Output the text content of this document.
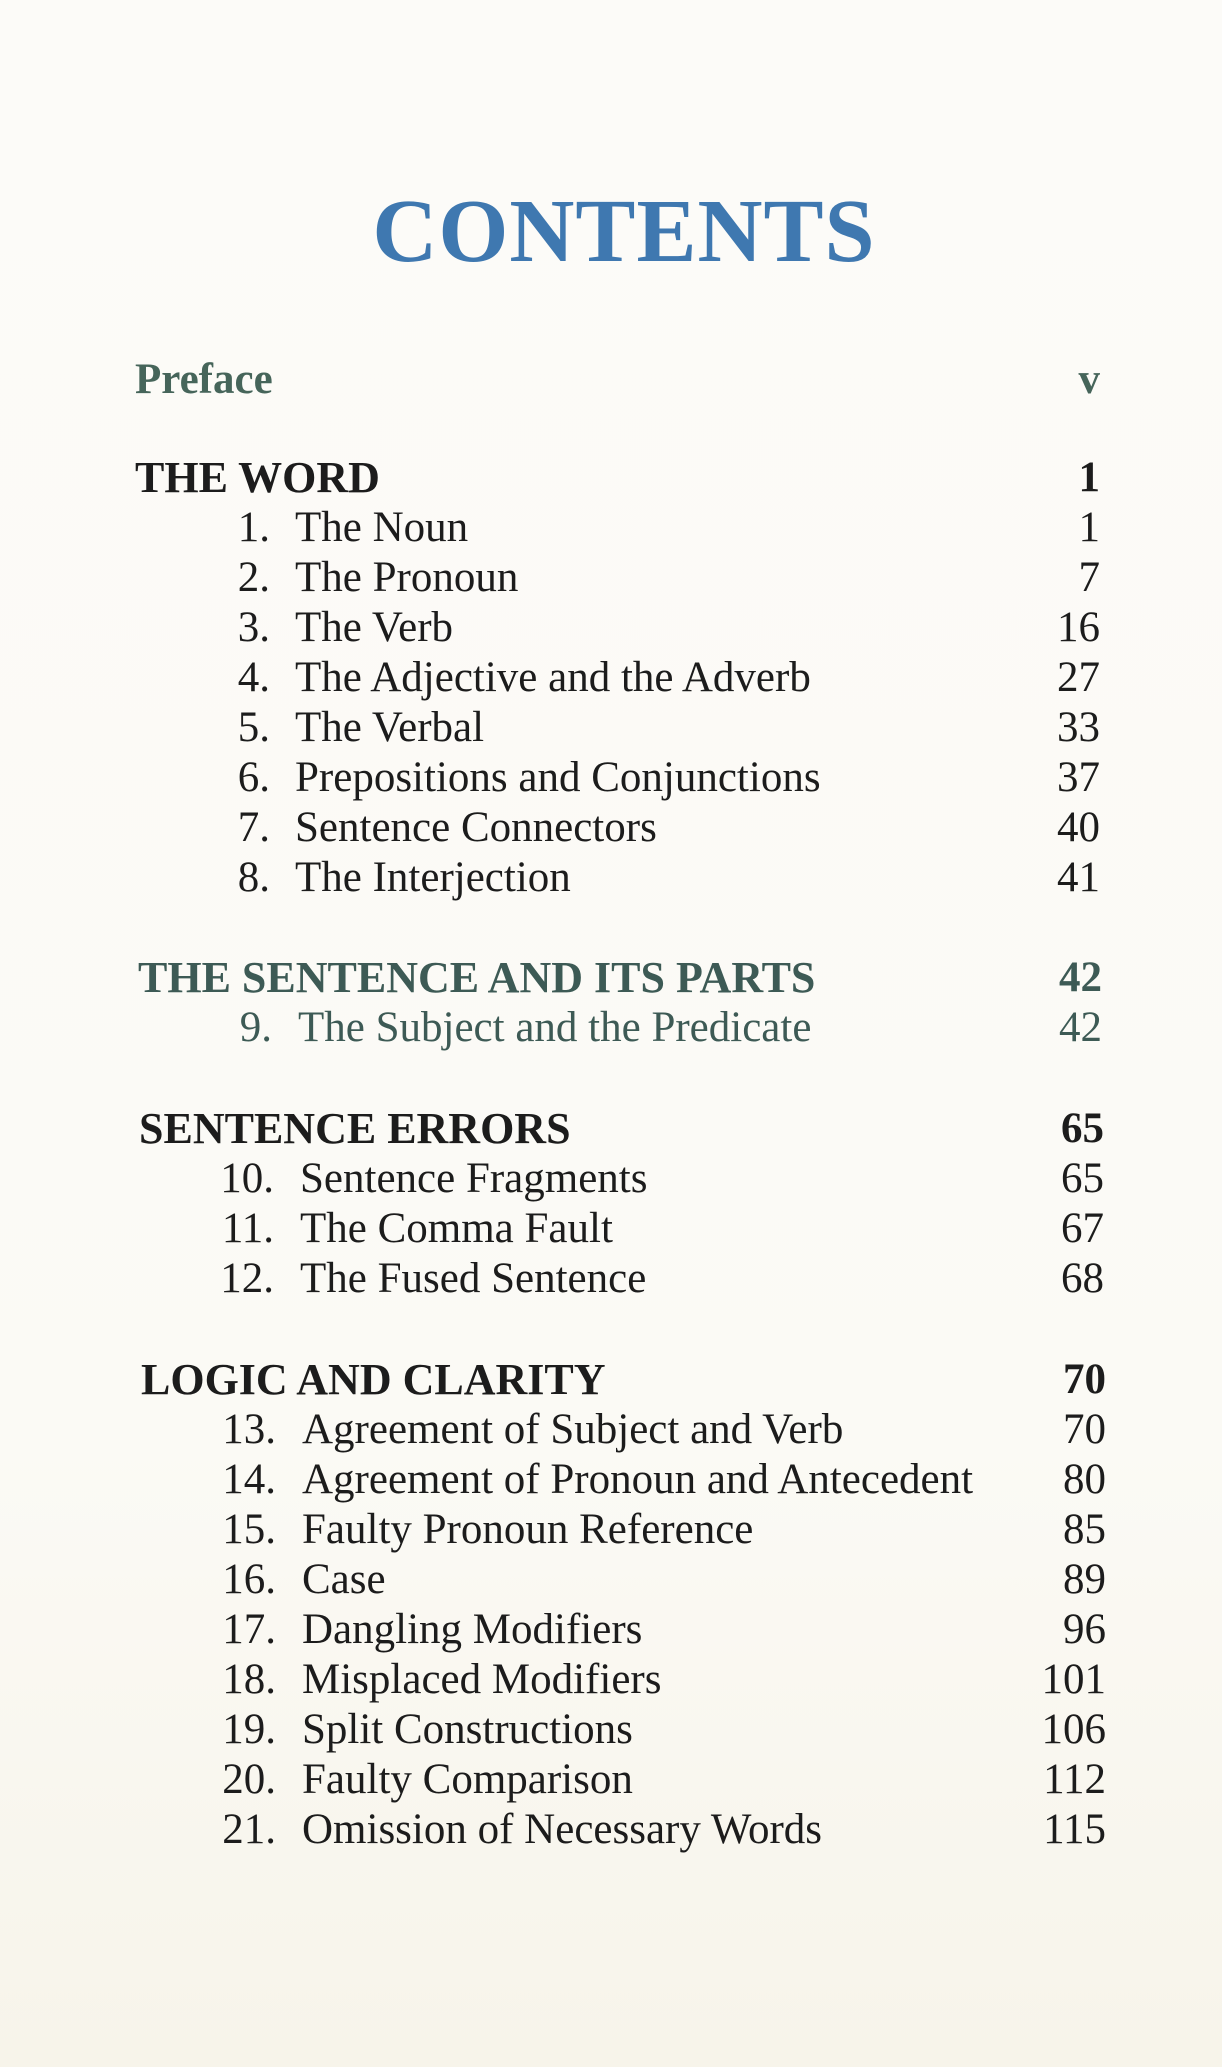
CONTENTS
Preface	v
THE WORD	1
1. The Noun	1
2. The Pronoun	7
3. The Verb	16
4. The Adjective and the Adverb	27
5. The Verbal	33
6. Prepositions and Conjunctions	37
7. Sentence Connectors	40
8. The Interjection	41
THE SENTENCE AND ITS PARTS	42
9. The Subject and the Predicate	42
SENTENCE ERRORS	65
10. Sentence Fragments	65
11. The Comma Fault	67
12. The Fused Sentence	68
LOGIC AND CLARITY	70
13. Agreement of Subject and Verb	70
14. Agreement of Pronoun and Antecedent	80
15. Faulty Pronoun Reference	85
16. Case	89
17. Dangling Modifiers	96
18. Misplaced Modifiers	101
19. Split Constructions	106
20. Faulty Comparison	112
21. Omission of Necessary Words	115
